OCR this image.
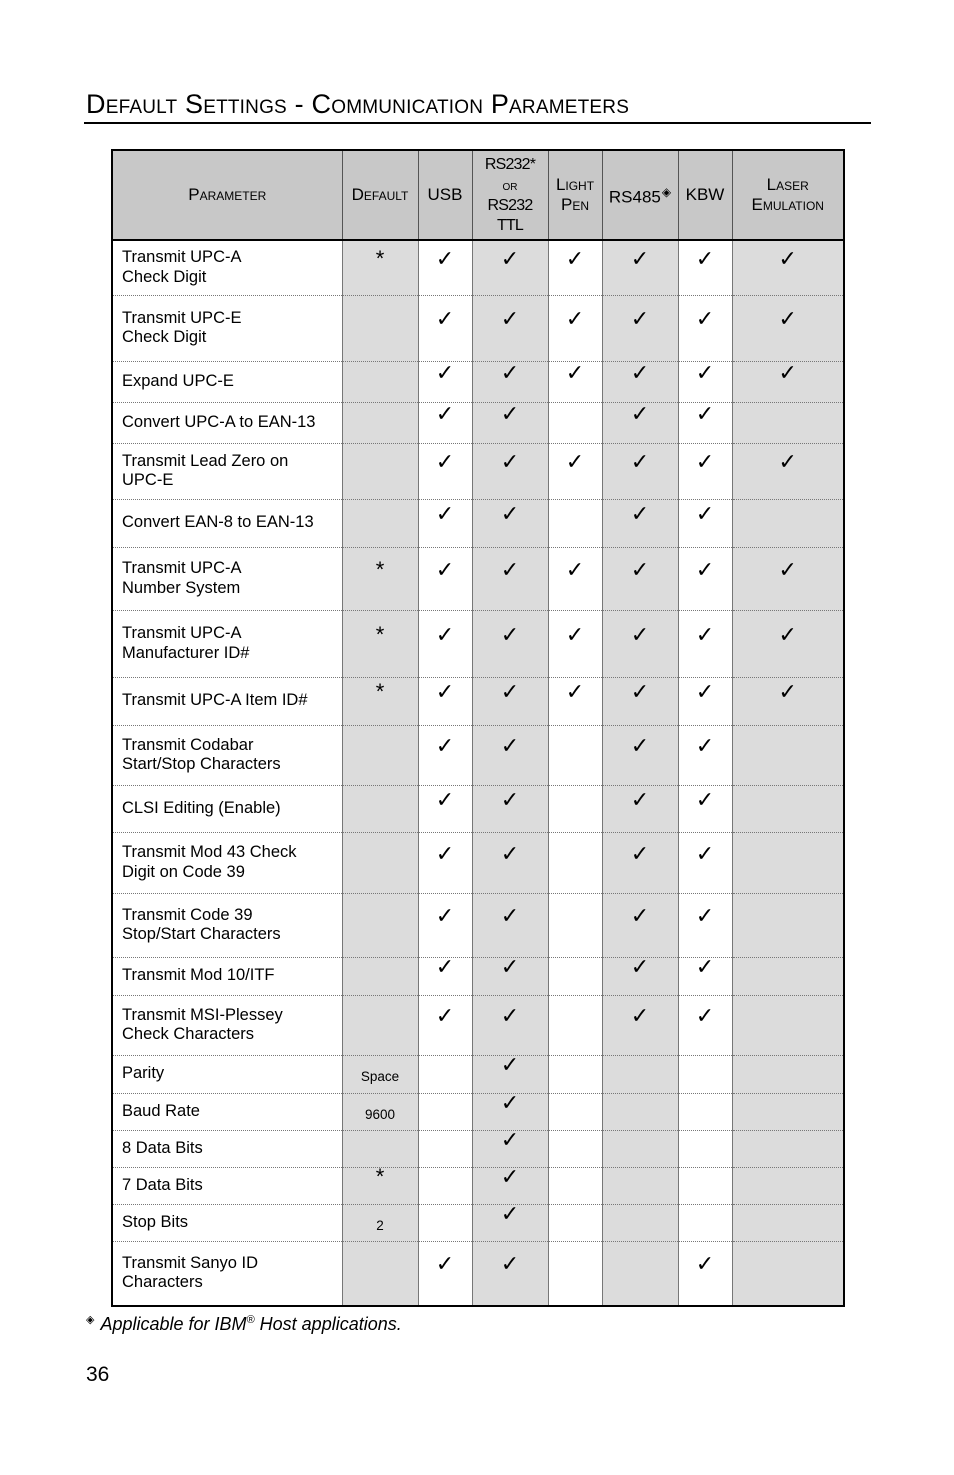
Default Settings - Communication Parameters
Parameter	Default	USB	RS232*
or
RS232
TTL	Light
Pen	RS485◈	KBW	Laser
Emulation
Transmit UPC-A
Check Digit	*	✓	✓	✓	✓	✓	✓

Transmit UPC-E
Check Digit		✓	✓	✓	✓	✓	✓

Expand UPC-E		✓	✓	✓	✓	✓	✓

Convert UPC-A to EAN-13		✓	✓		✓	✓	

Transmit Lead Zero on
UPC-E		✓	✓	✓	✓	✓	✓

Convert EAN-8 to EAN-13		✓	✓		✓	✓	

Transmit UPC-A
Number System	*	✓	✓	✓	✓	✓	✓

Transmit UPC-A
Manufacturer ID#	*	✓	✓	✓	✓	✓	✓

Transmit UPC-A Item ID#	*	✓	✓	✓	✓	✓	✓

Transmit Codabar
Start/Stop Characters		✓	✓		✓	✓	

CLSI Editing (Enable)		✓	✓		✓	✓	

Transmit Mod 43 Check
Digit on Code 39		✓	✓		✓	✓	

Transmit Code 39
Stop/Start Characters		✓	✓		✓	✓	

Transmit Mod 10/ITF		✓	✓		✓	✓	

Transmit MSI-Plessey
Check Characters		✓	✓		✓	✓	

Parity	Space		✓				

Baud Rate	9600		✓				

8 Data Bits			✓				

7 Data Bits	*		✓				

Stop Bits	2		✓				

Transmit Sanyo ID
Characters		✓	✓			✓	

◈ Applicable for IBM® Host applications.
36
